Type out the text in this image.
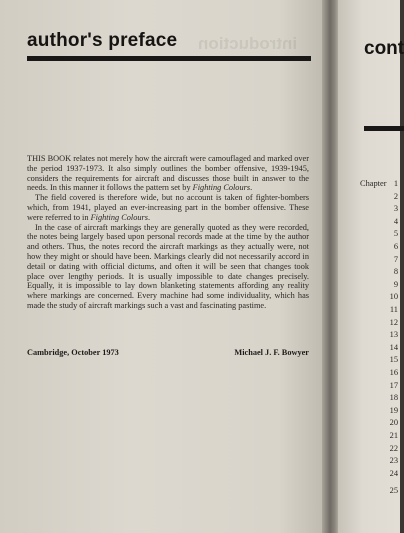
introduction
author's preface

THIS BOOK relates not merely how the aircraft were camouflaged and marked over the period 1937-1973. It also simply outlines the bomber offensive, 1939-1945, considers the requirements for aircraft and discusses those built in answer to the needs. In this manner it follows the pattern set by Fighting Colours.

The field covered is therefore wide, but no account is taken of fighter-bombers which, from 1941, played an ever-increasing part in the bomber offensive. These were referred to in Fighting Colours.

In the case of aircraft markings they are generally quoted as they were recorded, the notes being largely based upon personal records made at the time by the author and others. Thus, the notes record the aircraft markings as they actually were, not how they might or should have been. Markings clearly did not necessarily accord in detail or dating with official dictums, and often it will be seen that changes took place over lengthy periods. It is usually impossible to date changes precisely. Equally, it is impossible to lay down blanketing statements affording any reality where markings are concerned. Every machine had some individuality, which has made the study of aircraft markings such a vast and fascinating pastime.

Cambridge, October 1973	Michael J. F. Bowyer
cont
Chapter 1
2
3
4
5
6
7
8
9
10
11
12
13
14
15
16
17
18
19
20
21
22
23
24
25
